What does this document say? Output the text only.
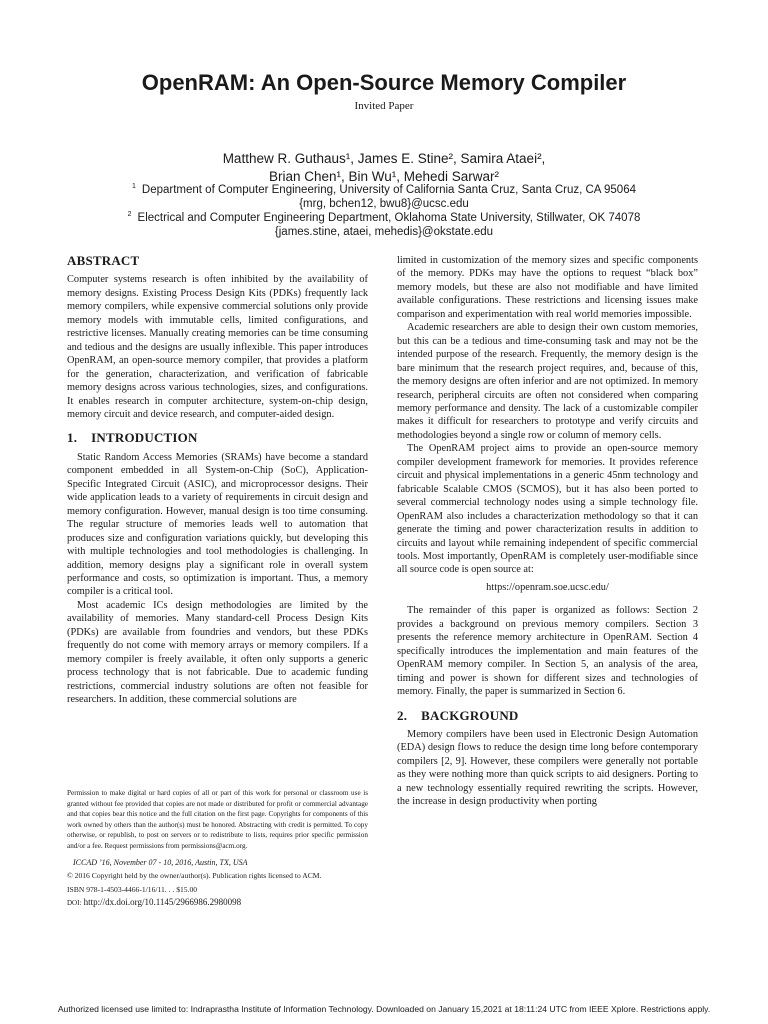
OpenRAM: An Open-Source Memory Compiler
Invited Paper
Matthew R. Guthaus¹, James E. Stine², Samira Ataei²,
Brian Chen¹, Bin Wu¹, Mehedi Sarwar²
$^1$ Department of Computer Engineering, University of California Santa Cruz, Santa Cruz, CA 95064
{mrg, bchen12, bwu8}@ucsc.edu
$^2$ Electrical and Computer Engineering Department, Oklahoma State University, Stillwater, OK 74078
{james.stine, ataei, mehedis}@okstate.edu
ABSTRACT

Computer systems research is often inhibited by the availability of memory designs. Existing Process Design Kits (PDKs) frequently lack memory compilers, while expensive commercial solutions only provide memory models with immutable cells, limited configurations, and restrictive licenses. Manually creating memories can be time consuming and tedious and the designs are usually inflexible. This paper introduces OpenRAM, an open-source memory compiler, that provides a platform for the generation, characterization, and verification of fabricable memory designs across various technologies, sizes, and configurations. It enables research in computer architecture, system-on-chip design, memory circuit and device research, and computer-aided design.

1. INTRODUCTION

Static Random Access Memories (SRAMs) have become a standard component embedded in all System-on-Chip (SoC), Application-Specific Integrated Circuit (ASIC), and microprocessor designs. Their wide application leads to a variety of requirements in circuit design and memory configuration. However, manual design is too time consuming. The regular structure of memories leads well to automation that produces size and configuration variations quickly, but developing this with multiple technologies and tool methodologies is challenging. In addition, memory designs play a significant role in overall system performance and costs, so optimization is important. Thus, a memory compiler is a critical tool.

Most academic ICs design methodologies are limited by the availability of memories. Many standard-cell Process Design Kits (PDKs) are available from foundries and vendors, but these PDKs frequently do not come with memory arrays or memory compilers. If a memory compiler is freely available, it often only supports a generic process technology that is not fabricable. Due to academic funding restrictions, commercial industry solutions are often not feasible for researchers. In addition, these commercial solutions are

Permission to make digital or hard copies of all or part of this work for personal or classroom use is granted without fee provided that copies are not made or distributed for profit or commercial advantage and that copies bear this notice and the full citation on the first page. Copyrights for components of this work owned by others than the author(s) must be honored. Abstracting with credit is permitted. To copy otherwise, or republish, to post on servers or to redistribute to lists, requires prior specific permission and/or a fee. Request permissions from permissions@acm.org.

ICCAD ’16, November 07 - 10, 2016, Austin, TX, USA
© 2016 Copyright held by the owner/author(s). Publication rights licensed to ACM.
ISBN 978-1-4503-4466-1/16/11. . . $15.00
DOI: http://dx.doi.org/10.1145/2966986.2980098

limited in customization of the memory sizes and specific components of the memory. PDKs may have the options to request “black box” memory models, but these are also not modifiable and have limited available configurations. These restrictions and licensing issues make comparison and experimentation with real world memories impossible.

Academic researchers are able to design their own custom memories, but this can be a tedious and time-consuming task and may not be the intended purpose of the research. Frequently, the memory design is the bare minimum that the research project requires, and, because of this, the memory designs are often inferior and are not optimized. In memory research, peripheral circuits are often not considered when comparing memory performance and density. The lack of a customizable compiler makes it difficult for researchers to prototype and verify circuits and methodologies beyond a single row or column of memory cells.

The OpenRAM project aims to provide an open-source memory compiler development framework for memories. It provides reference circuit and physical implementations in a generic 45nm technology and fabricable Scalable CMOS (SCMOS), but it has also been ported to several commercial technology nodes using a simple technology file. OpenRAM also includes a characterization methodology so that it can generate the timing and power characterization results in addition to circuits and layout while remaining independent of specific commercial tools. Most importantly, OpenRAM is completely user-modifiable since all source code is open source at:

https://openram.soe.ucsc.edu/

The remainder of this paper is organized as follows: Section 2 provides a background on previous memory compilers. Section 3 presents the reference memory architecture in OpenRAM. Section 4 specifically introduces the implementation and main features of the OpenRAM memory compiler. In Section 5, an analysis of the area, timing and power is shown for different sizes and technologies of memory. Finally, the paper is summarized in Section 6.

2. BACKGROUND

Memory compilers have been used in Electronic Design Automation (EDA) design flows to reduce the design time long before contemporary compilers [2, 9]. However, these compilers were generally not portable as they were nothing more than quick scripts to aid designers. Porting to a new technology essentially required rewriting the scripts. However, the increase in design productivity when porting

Authorized licensed use limited to: Indraprastha Institute of Information Technology. Downloaded on January 15,2021 at 18:11:24 UTC from IEEE Xplore. Restrictions apply.
